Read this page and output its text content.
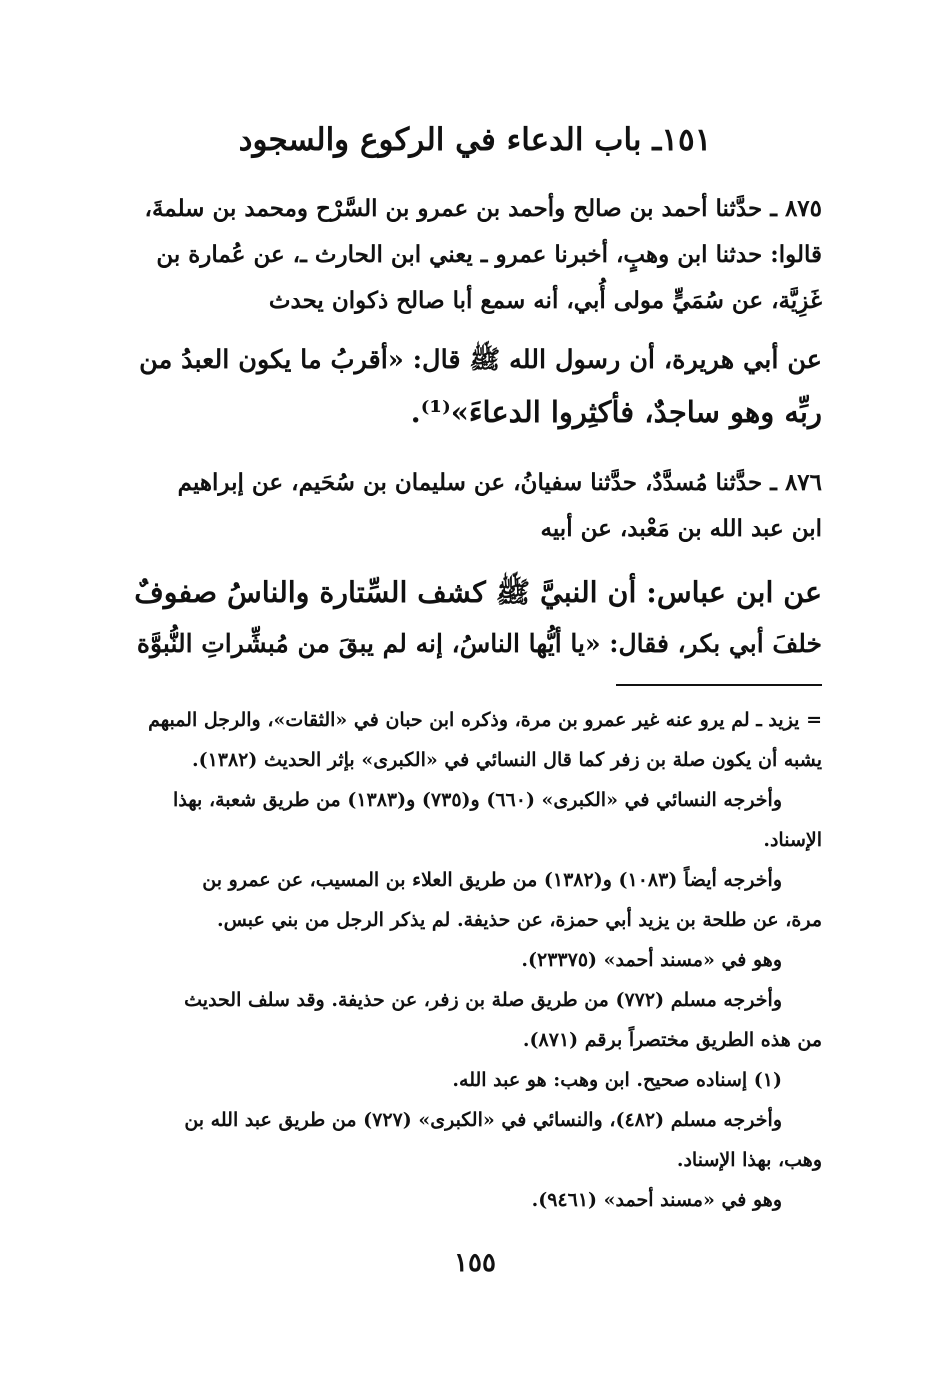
١٥١ـ باب الدعاء في الركوع والسجود

٨٧٥ ـ حدَّثنا أحمد بن صالح وأحمد بن عمرو بن السَّرْح ومحمد بن سلمةَ،
قالوا: حدثنا ابن وهبٍ، أخبرنا عمرو ـ يعني ابن الحارث ـ، عن عُمارة بن
غَزِيَّة، عن سُمَيٍّ مولى أُبي، أنه سمع أبا صالح ذكوان يحدث

عن أبي هريرة، أن رسول الله ﷺ قال: «أقربُ ما يكون العبدُ من
ربِّه وهو ساجدٌ، فأكثِروا الدعاءَ»⁽¹⁾.

٨٧٦ ـ حدَّثنا مُسدَّدٌ، حدَّثنا سفيانُ، عن سليمان بن سُحَيم، عن إبراهيم
ابن عبد الله بن مَعْبد، عن أبيه

عن ابن عباس: أن النبيَّ ﷺ كشف السِّتارة والناسُ صفوفٌ
خلفَ أبي بكر، فقال: «يا أيُّها الناسُ، إنه لم يبقَ من مُبشِّراتِ النُّبوَّة

= يزيد ـ لم يرو عنه غير عمرو بن مرة، وذكره ابن حبان في «الثقات»، والرجل المبهم
يشبه أن يكون صلة بن زفر كما قال النسائي في «الكبرى» بإثر الحديث (١٣٨٢).
وأخرجه النسائي في «الكبرى» (٦٦٠) و(٧٣٥) و(١٣٨٣) من طريق شعبة، بهذا
الإسناد.
وأخرجه أيضاً (١٠٨٣) و(١٣٨٢) من طريق العلاء بن المسيب، عن عمرو بن
مرة، عن طلحة بن يزيد أبي حمزة، عن حذيفة. لم يذكر الرجل من بني عبس.
وهو في «مسند أحمد» (٢٣٣٧٥).
وأخرجه مسلم (٧٧٢) من طريق صلة بن زفر، عن حذيفة. وقد سلف الحديث
من هذه الطريق مختصراً برقم (٨٧١).
(١) إسناده صحيح. ابن وهب: هو عبد الله.
وأخرجه مسلم (٤٨٢)، والنسائي في «الكبرى» (٧٢٧) من طريق عبد الله بن
وهب، بهذا الإسناد.
وهو في «مسند أحمد» (٩٤٦١).
١٥٥
